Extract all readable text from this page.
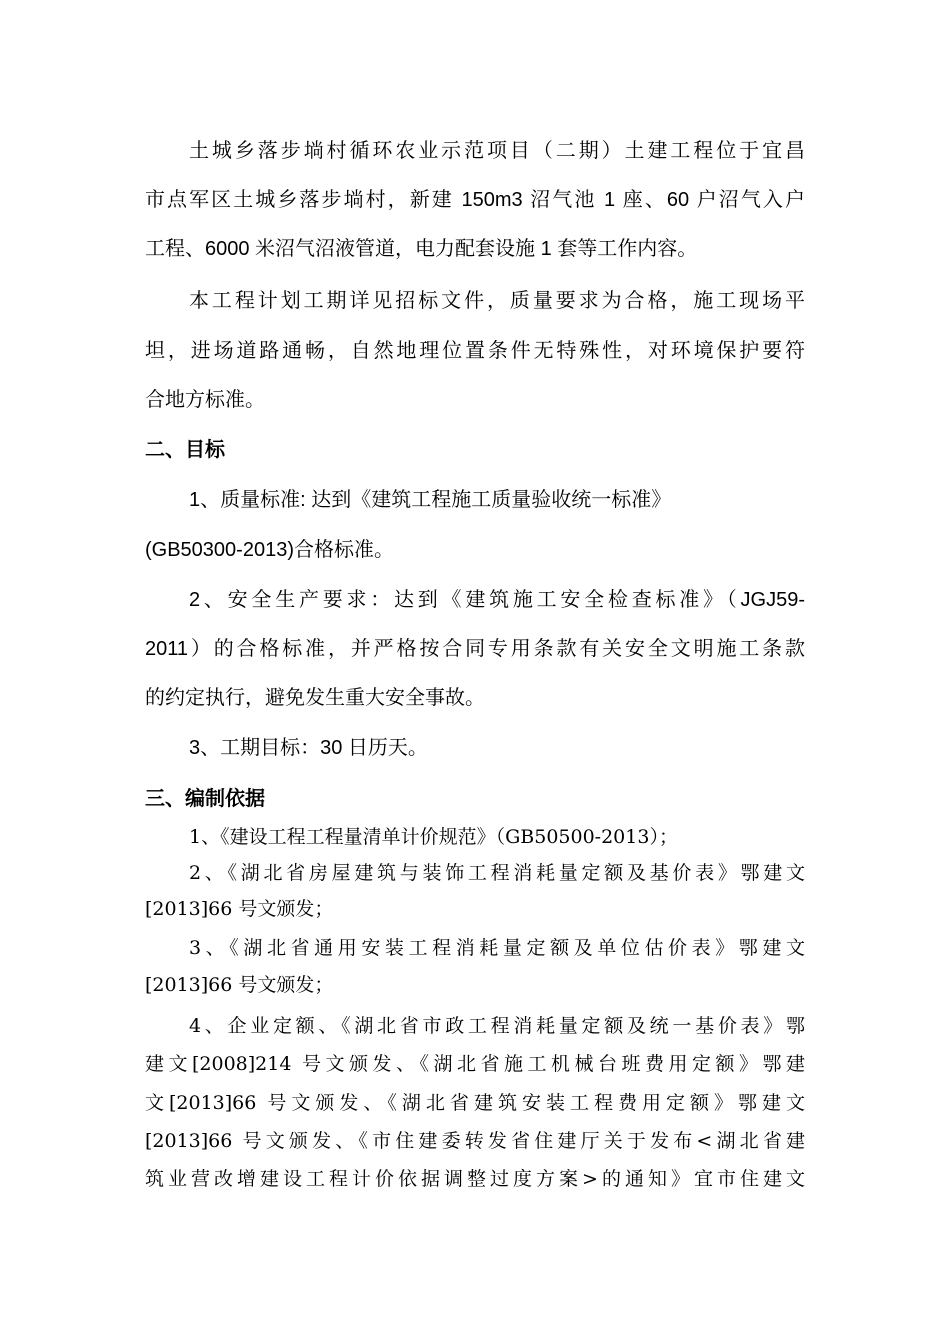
土城乡落步埫村循环农业示范项目（二期）土建工程位于宜昌
市点军区土城乡落步埫村，新建 150m3 沼气池 1 座、60 户沼气入户
工程、6000 米沼气沼液管道，电力配套设施 1 套等工作内容。
本工程计划工期详见招标文件，质量要求为合格，施工现场平
坦，进场道路通畅，自然地理位置条件无特殊性，对环境保护要符
合地方标准。
二、目标
1、质量标准: 达到《建筑工程施工质量验收统一标准》
(GB50300-2013)合格标准。
2、安全生产要求：达到《建筑施工安全检查标准》（JGJ59-
2011）的合格标准，并严格按合同专用条款有关安全文明施工条款
的约定执行，避免发生重大安全事故。
3、工期目标：30 日历天。
三、编制依据
1、《建设工程工程量清单计价规范》（GB50500-2013）；
2、《湖北省房屋建筑与装饰工程消耗量定额及基价表》鄂建文
[2013]66 号文颁发；
3、《湖北省通用安装工程消耗量定额及单位估价表》鄂建文
[2013]66 号文颁发；
4、企业定额、《湖北省市政工程消耗量定额及统一基价表》鄂
建文[2008]214 号文颁发、《湖北省施工机械台班费用定额》鄂建
文[2013]66 号文颁发、《湖北省建筑安装工程费用定额》鄂建文
[2013]66 号文颁发、《市住建委转发省住建厅关于发布<湖北省建
筑业营改增建设工程计价依据调整过度方案>的通知》宜市住建文
